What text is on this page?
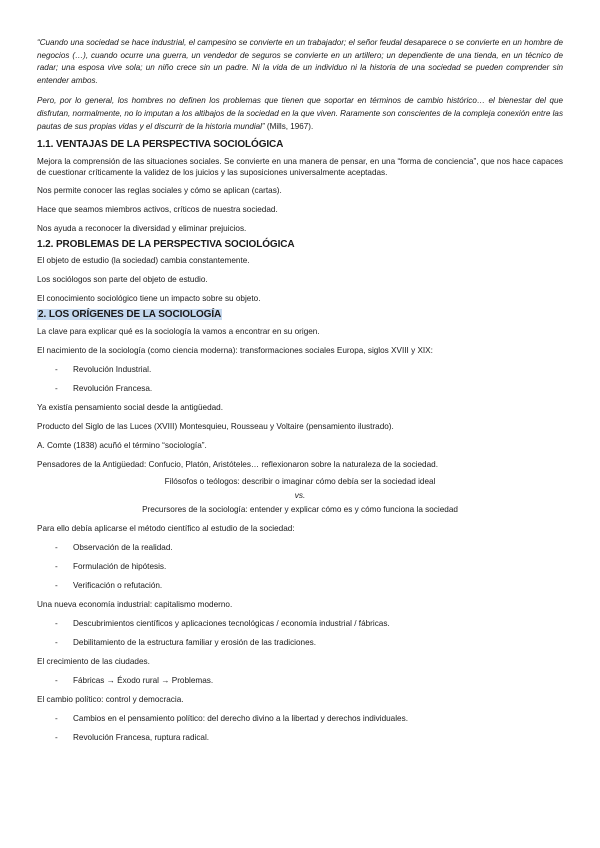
“Cuando una sociedad se hace industrial, el campesino se convierte en un trabajador; el señor feudal desaparece o se convierte en un hombre de negocios (…), cuando ocurre una guerra, un vendedor de seguros se convierte en un artillero; un dependiente de una tienda, en un técnico de radar; una esposa vive sola; un niño crece sin un padre. Ni la vida de un individuo ni la historia de una sociedad se pueden comprender sin entender ambos.

Pero, por lo general, los hombres no definen los problemas que tienen que soportar en términos de cambio histórico… el bienestar del que disfrutan, normalmente, no lo imputan a los altibajos de la sociedad en la que viven. Raramente son conscientes de la compleja conexión entre las pautas de sus propias vidas y el discurrir de la historia mundial” (Mills, 1967).

1.1. VENTAJAS DE LA PERSPECTIVA SOCIOLÓGICA

Mejora la comprensión de las situaciones sociales. Se convierte en una manera de pensar, en una “forma de conciencia”, que nos hace capaces de cuestionar críticamente la validez de los juicios y las suposiciones universalmente aceptadas.

Nos permite conocer las reglas sociales y cómo se aplican (cartas).

Hace que seamos miembros activos, críticos de nuestra sociedad.

Nos ayuda a reconocer la diversidad y eliminar prejuicios.

1.2. PROBLEMAS DE LA PERSPECTIVA SOCIOLÓGICA

El objeto de estudio (la sociedad) cambia constantemente.

Los sociólogos son parte del objeto de estudio.

El conocimiento sociológico tiene un impacto sobre su objeto.

2. LOS ORÍGENES DE LA SOCIOLOGÍA

La clave para explicar qué es la sociología la vamos a encontrar en su origen.

El nacimiento de la sociología (como ciencia moderna): transformaciones sociales Europa, siglos XVIII y XIX:

- Revolución Industrial.
- Revolución Francesa.

Ya existía pensamiento social desde la antigüedad.

Producto del Siglo de las Luces (XVIII) Montesquieu, Rousseau y Voltaire (pensamiento ilustrado).

A. Comte (1838) acuñó el término “sociología”.

Pensadores de la Antigüedad: Confucio, Platón, Aristóteles… reflexionaron sobre la naturaleza de la sociedad.

Filósofos o teólogos: describir o imaginar cómo debía ser la sociedad ideal

vs.

Precursores de la sociología: entender y explicar cómo es y cómo funciona la sociedad

Para ello debía aplicarse el método científico al estudio de la sociedad:

- Observación de la realidad.
- Formulación de hipótesis.
- Verificación o refutación.

Una nueva economía industrial: capitalismo moderno.

- Descubrimientos científicos y aplicaciones tecnológicas / economía industrial / fábricas.
- Debilitamiento de la estructura familiar y erosión de las tradiciones.

El crecimiento de las ciudades.

- Fábricas → Éxodo rural → Problemas.

El cambio político: control y democracia.

- Cambios en el pensamiento político: del derecho divino a la libertad y derechos individuales.
- Revolución Francesa, ruptura radical.
